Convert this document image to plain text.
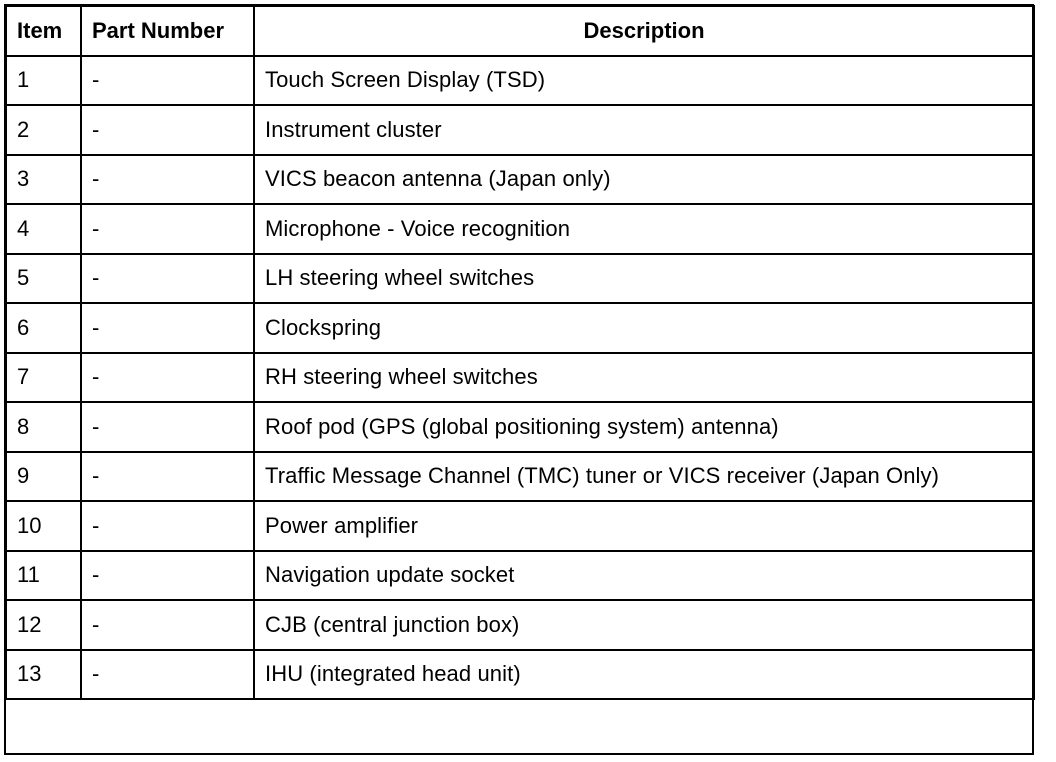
Item	Part Number	Description
1	-	Touch Screen Display (TSD)
2	-	Instrument cluster
3	-	VICS beacon antenna (Japan only)
4	-	Microphone - Voice recognition
5	-	LH steering wheel switches
6	-	Clockspring
7	-	RH steering wheel switches
8	-	Roof pod (GPS (global positioning system) antenna)
9	-	Traffic Message Channel (TMC) tuner or VICS receiver (Japan Only)
10	-	Power amplifier
11	-	Navigation update socket
12	-	CJB (central junction box)
13	-	IHU (integrated head unit)
